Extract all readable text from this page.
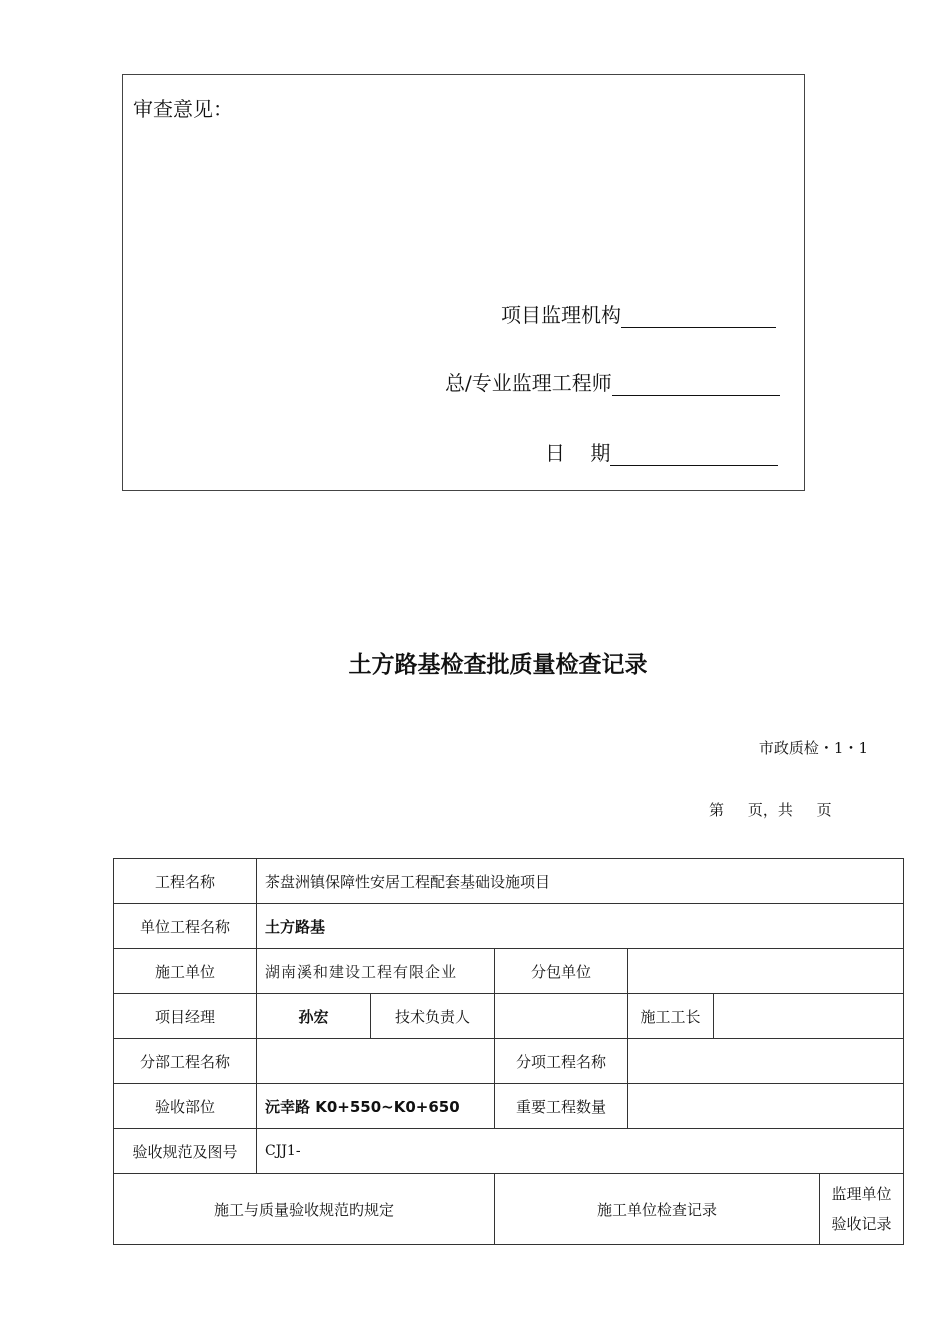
审查意见：
项目监理机构
总/专业监理工程师
日    期
土方路基检查批质量检查记录
市政质检・1・1
第     页，共     页
工程名称	茶盘洲镇保障性安居工程配套基础设施项目					
单位工程名称	土方路基					
施工单位	湖南溪和建设工程有限企业		分包单位			
项目经理	孙宏	技术负责人		施工工长		
分部工程名称			分项工程名称			
验收部位	沅幸路 K0+550~K0+650		重要工程数量			
验收规范及图号	CJJ1-					
施工与质量验收规范旳规定			施工单位检查记录			监理单位
验收记录
